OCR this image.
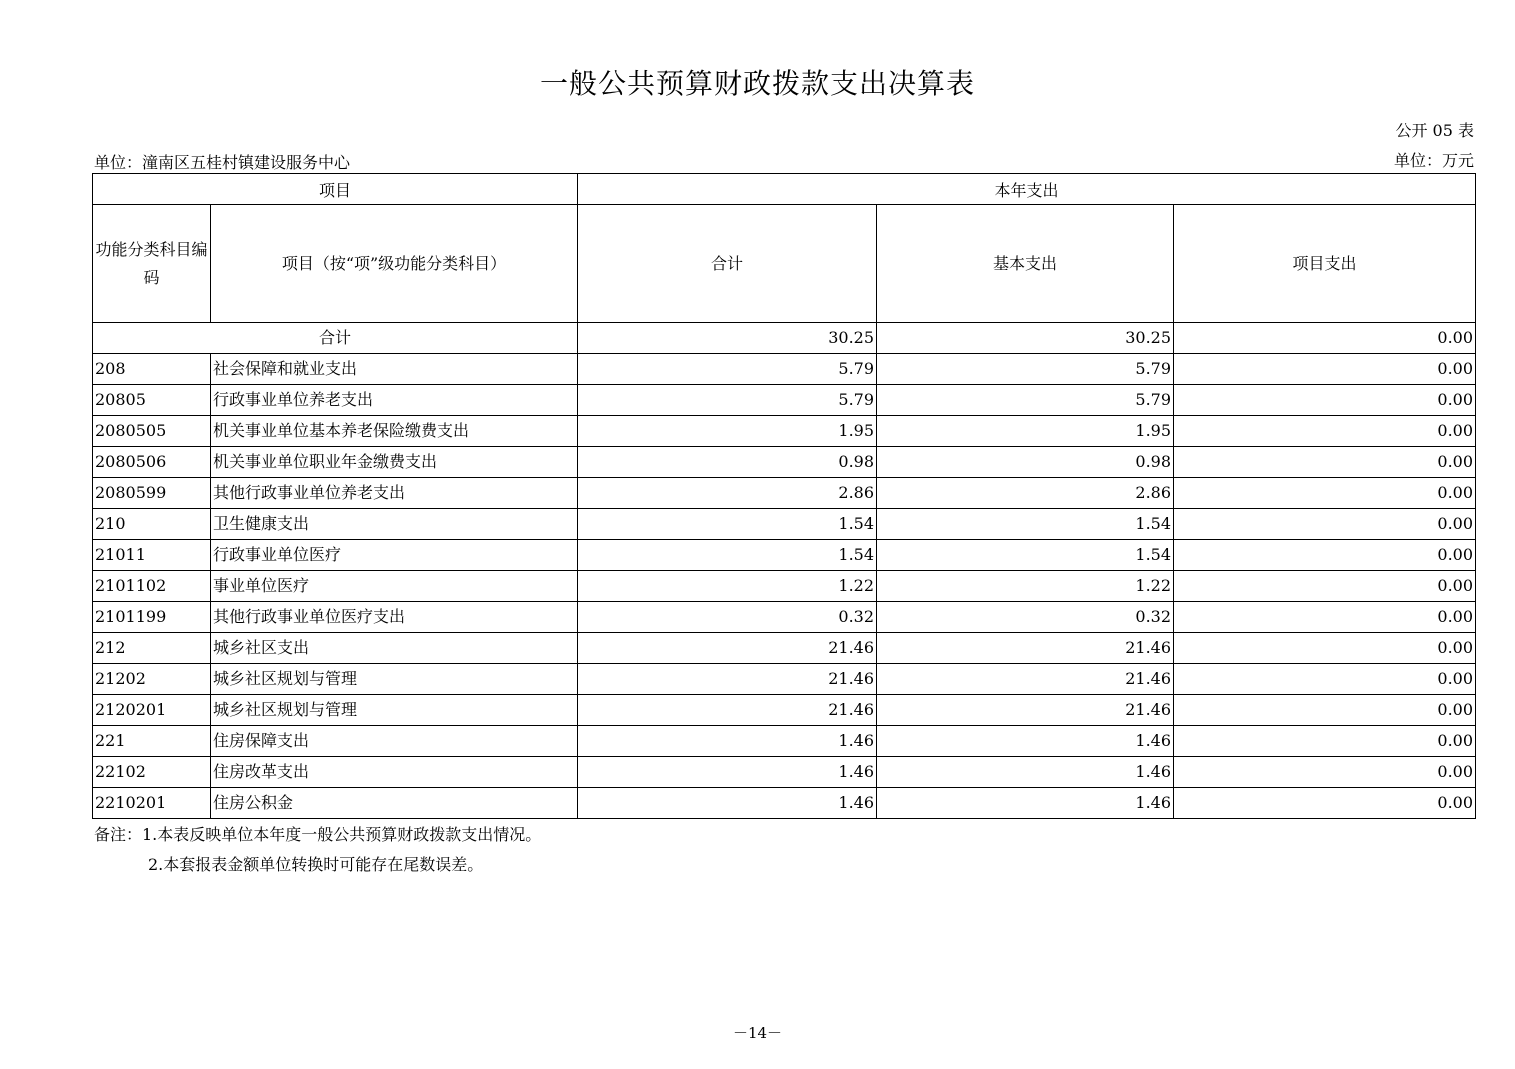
一般公共预算财政拨款支出决算表
公开 05 表
单位：潼南区五桂村镇建设服务中心	单位：万元
项目		本年支出		
功能分类科目编码	项目（按“项”级功能分类科目）	合计	基本支出	项目支出
合计		30.25	30.25	0.00
208	社会保障和就业支出	5.79	5.79	0.00
20805	行政事业单位养老支出	5.79	5.79	0.00
2080505	机关事业单位基本养老保险缴费支出	1.95	1.95	0.00
2080506	机关事业单位职业年金缴费支出	0.98	0.98	0.00
2080599	其他行政事业单位养老支出	2.86	2.86	0.00
210	卫生健康支出	1.54	1.54	0.00
21011	行政事业单位医疗	1.54	1.54	0.00
2101102	事业单位医疗	1.22	1.22	0.00
2101199	其他行政事业单位医疗支出	0.32	0.32	0.00
212	城乡社区支出	21.46	21.46	0.00
21202	城乡社区规划与管理	21.46	21.46	0.00
2120201	城乡社区规划与管理	21.46	21.46	0.00
221	住房保障支出	1.46	1.46	0.00
22102	住房改革支出	1.46	1.46	0.00
2210201	住房公积金	1.46	1.46	0.00
备注：1.本表反映单位本年度一般公共预算财政拨款支出情况。
2.本套报表金额单位转换时可能存在尾数误差。
－14－
